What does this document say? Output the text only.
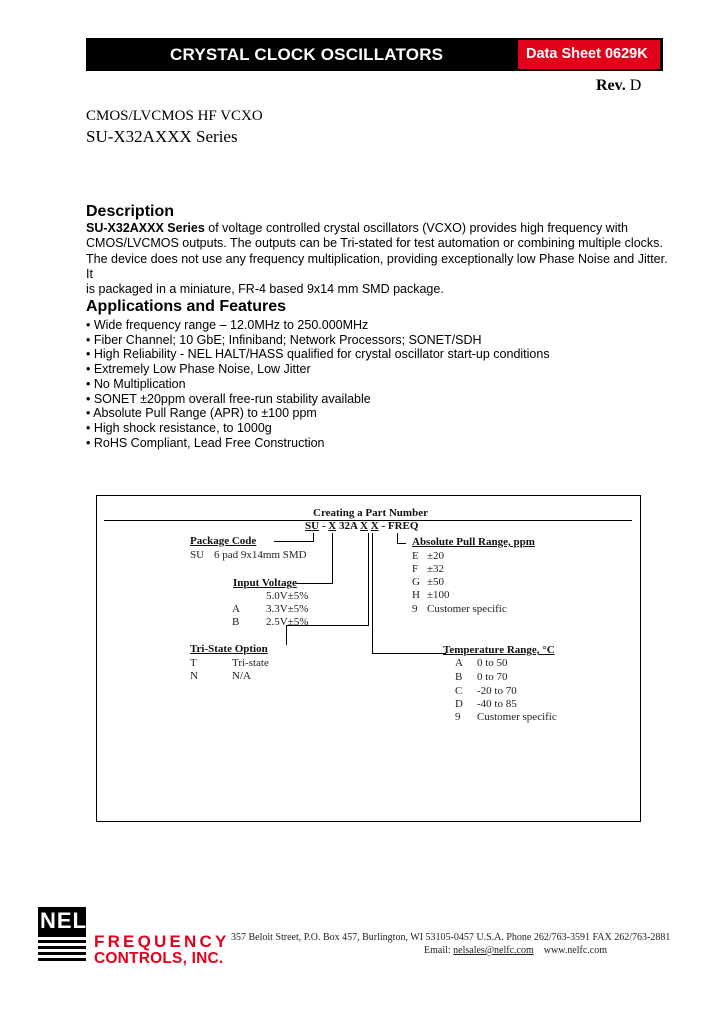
CRYSTAL CLOCK OSCILLATORS	Data Sheet 0629K
Rev. D
CMOS/LVCMOS HF VCXO
SU-X32AXXX Series
Description
SU-X32AXXX Series of voltage controlled crystal oscillators (VCXO) provides high frequency with
CMOS/LVCMOS outputs. The outputs can be Tri-stated for test automation or combining multiple clocks.
The device does not use any frequency multiplication, providing exceptionally low Phase Noise and Jitter. It
is packaged in a miniature, FR-4 based 9x14 mm SMD package.
Applications and Features
• Wide frequency range – 12.0MHz to 250.000MHz
• Fiber Channel; 10 GbE; Infiniband; Network Processors; SONET/SDH
• High Reliability - NEL HALT/HASS qualified for crystal oscillator start-up conditions
• Extremely Low Phase Noise, Low Jitter
• No Multiplication
• SONET ±20ppm overall free-run stability available
• Absolute Pull Range (APR) to ±100 ppm
• High shock resistance, to 1000g
• RoHS Compliant, Lead Free Construction
Creating a Part Number
SU - X 32A X X - FREQ
Package Code
SU 6 pad 9x14mm SMD
Input Voltage
5.0V±5%
A 3.3V±5%
B 2.5V±5%
Tri-State Option
T	Tri-state
N	N/A
Absolute Pull Range, ppm
E ±20
F ±32
G ±50
H ±100
9 Customer specific
Temperature Range, °C
A 0 to 50
B 0 to 70
C -20 to 70
D -40 to 85
9 Customer specific
NEL
FREQUENCY
CONTROLS, INC.
357 Beloit Street, P.O. Box 457, Burlington, WI 53105-0457 U.S.A. Phone 262/763-3591 FAX 262/763-2881
Email: nelsales@nelfc.com www.nelfc.com
